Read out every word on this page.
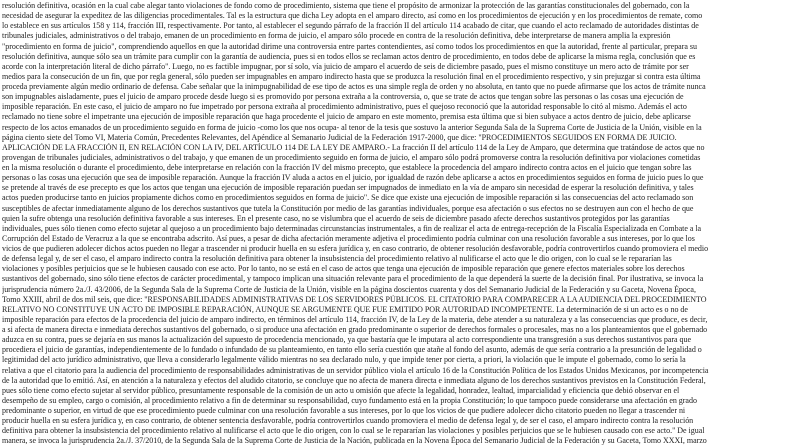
resolución definitiva, ocasión en la cual cabe alegar tanto violaciones de fondo como de procedimiento, sistema que tiene el propósito de armonizar la protección de las garantías constitucionales del gobernado, con la
necesidad de asegurar la expeditez de las diligencias procedimentales. Tal es la estructura que dicha Ley adopta en el amparo directo, así como en los procedimientos de ejecución y en los procedimientos de remate, como
lo establece en sus artículos 158 y 114, fracción III, respectivamente. Por tanto, al establecer el segundo párrafo de la fracción II del artículo 114 acabado de citar, que cuando el acto reclamado de autoridades distintas de
tribunales judiciales, administrativos o del trabajo, emanen de un procedimiento en forma de juicio, el amparo sólo procede en contra de la resolución definitiva, debe interpretarse de manera amplia la expresión
"procedimiento en forma de juicio", comprendiendo aquellos en que la autoridad dirime una controversia entre partes contendientes, así como todos los procedimientos en que la autoridad, frente al particular, prepara su
resolución definitiva, aunque sólo sea un trámite para cumplir con la garantía de audiencia, pues si en todos ellos se reclaman actos dentro de procedimiento, en todos debe de aplicarse la misma regla, conclusión que es
acorde con la interpretación literal de dicho párrafo". Luego, no es factible impugnar, por sí solo, vía juicio de amparo el acuerdo de seis de diciembre pasado, pues el mismo constituye un mero acto de trámite por ser
medios para la consecución de un fin, que por regla general, sólo pueden ser impugnables en amparo indirecto hasta que se produzca la resolución final en el procedimiento respectivo, y sin prejuzgar si contra esta última
proceda previamente algún medio ordinario de defensa. Cabe señalar que la inimpugnabilidad de ese tipo de actos es una simple regla de orden y no absoluta, en tanto que no puede afirmarse que los actos de trámite nunca
son impugnables aisladamente, pues el juicio de amparo procede desde luego si es promovido por persona extraña a la controversia, o, que se trate de actos que tengan sobre las personas o las cosas una ejecución de
imposible reparación. En este caso, el juicio de amparo no fue impetrado por persona extraña al procedimiento administrativo, pues el quejoso reconoció que la autoridad responsable lo citó al mismo. Además el acto
reclamado no tiene sobre el impetrante una ejecución de imposible reparación que haga procedente el juicio de amparo en este momento, premisa esta última que si bien subyace a actos dentro de juicio, debe aplicarse
respecto de los actos emanados de un procedimiento seguido en forma de juicio -como los que nos ocupa- al tenor de la tesis que sostuvo la anterior Segunda Sala de la Suprema Corte de Justicia de la Unión, visible en la
página ciento siete del Tomo VI, Materia Común, Precedentes Relevantes, del Apéndice al Semanario Judicial de la Federación 1917-2000, que dice: "PROCEDIMIENTOS SEGUIDOS EN FORMA DE JUICIO.
APLICACIÓN DE LA FRACCIÓN II, EN RELACIÓN CON LA IV, DEL ARTÍCULO 114 DE LA LEY DE AMPARO.- La fracción II del artículo 114 de la Ley de Amparo, que determina que tratándose de actos que no
provengan de tribunales judiciales, administrativos o del trabajo, y que emanen de un procedimiento seguido en forma de juicio, el amparo sólo podrá promoverse contra la resolución definitiva por violaciones cometidas
en la misma resolución o durante el procedimiento, debe interpretarse en relación con la fracción IV del mismo precepto, que establece la procedencia del amparo indirecto contra actos en el juicio que tengan sobre las
personas o las cosas una ejecución que sea de imposible reparación. Aunque la fracción IV aluda a actos en el juicio, por igualdad de razón debe aplicarse a actos en procedimientos seguidos en forma de juicio pues lo que
se pretende al través de ese precepto es que los actos que tengan una ejecución de imposible reparación puedan ser impugnados de inmediato en la vía de amparo sin necesidad de esperar la resolución definitiva, y tales
actos pueden producirse tanto en juicios propiamente dichos como en procedimientos seguidos en forma de juicio". Se dice que existe una ejecución de imposible reparación si las consecuencias del acto reclamado son
susceptibles de afectar inmediatamente alguno de los derechos sustantivos que tutela la Constitución por medio de las garantías individuales, porque esa afectación o sus efectos no se destruyen aun con el hecho de que
quien la sufre obtenga una resolución definitiva favorable a sus intereses. En el presente caso, no se vislumbra que el acuerdo de seis de diciembre pasado afecte derechos sustantivos protegidos por las garantías
individuales, pues sólo tienen como efecto sujetar al quejoso a un procedimiento bajo determinadas circunstancias instrumentales, a fin de realizar el acta de entrega-recepción de la Fiscalía Especializada en Combate a la
Corrupción del Estado de Veracruz a la que se encontraba adscrito. Así pues, a pesar de dicha afectación meramente adjetiva el procedimiento podría culminar con una resolución favorable a sus intereses, por lo que los
vicios de que pudieren adolecer dichos actos pueden no llegar a trascender ni producir huella en su esfera jurídica y, en caso contrario, de obtener resolución desfavorable, podría controvertirlos cuando promoviera el medio
de defensa legal y, de ser el caso, el amparo indirecto contra la resolución definitiva para obtener la insubsistencia del procedimiento relativo al nulificarse el acto que le dio origen, con lo cual se le repararían las
violaciones y posibles perjuicios que se le hubiesen causado con ese acto. Por lo tanto, no se está en el caso de actos que tenga una ejecución de imposible reparación que genere efectos materiales sobre los derechos
sustantivos del gobernado, sino sólo tiene efectos de carácter procedimental, y tampoco implican una situación relevante para el procedimiento de la que dependerá la suerte de la decisión final. Por ilustrativa, se invoca la
jurisprudencia número 2a./J. 43/2006, de la Segunda Sala de la Suprema Corte de Justicia de la Unión, visible en la página doscientos cuarenta y dos del Semanario Judicial de la Federación y su Gaceta, Novena Época,
Tomo XXIII, abril de dos mil seis, que dice: "RESPONSABILIDADES ADMINISTRATIVAS DE LOS SERVIDORES PÚBLICOS. EL CITATORIO PARA COMPARECER A LA AUDIENCIA DEL PROCEDIMIENTO
RELATIVO NO CONSTITUYE UN ACTO DE IMPOSIBLE REPARACIÓN, AUNQUE SE ARGUMENTE QUE FUE EMITIDO POR AUTORIDAD INCOMPETENTE. La determinación de si un acto es o no de
imposible reparación para efectos de la procedencia del juicio de amparo indirecto, en términos del artículo 114, fracción IV, de la Ley de la materia, debe atender a su naturaleza y a las consecuencias que produce, es decir,
a si afecta de manera directa e inmediata derechos sustantivos del gobernado, o si produce una afectación en grado predominante o superior de derechos formales o procesales, mas no a los planteamientos que el gobernado
aduzca en su contra, pues se dejaría en sus manos la actualización del supuesto de procedencia mencionado, ya que bastaría que le imputara al acto correspondiente una transgresión a sus derechos sustantivos para que
procediera el juicio de garantías, independientemente de lo fundado o infundado de su planteamiento, en tanto ello sería cuestión que atañe al fondo del asunto, además de que sería contrario a la presunción de legalidad o
legitimidad del acto jurídico administrativo, que lleva a considerarlo legalmente válido mientras no sea declarado nulo, y que impide tener por cierta, a priori, la violación que le impute el gobernado, como lo sería la
relativa a que el citatorio para la audiencia del procedimiento de responsabilidades administrativas de un servidor público viola el artículo 16 de la Constitución Política de los Estados Unidos Mexicanos, por incompetencia
de la autoridad que lo emitió. Así, en atención a la naturaleza y efectos del aludido citatorio, se concluye que no afecta de manera directa e inmediata alguno de los derechos sustantivos previstos en la Constitución Federal,
pues sólo tiene como efecto sujetar al servidor público, presuntamente responsable de la comisión de un acto u omisión que afecte la legalidad, honradez, lealtad, imparcialidad y eficiencia que debió observar en el
desempeño de su empleo, cargo o comisión, al procedimiento relativo a fin de determinar su responsabilidad, cuyo fundamento está en la propia Constitución; lo que tampoco puede considerarse una afectación en grado
predominante o superior, en virtud de que ese procedimiento puede culminar con una resolución favorable a sus intereses, por lo que los vicios de que pudiere adolecer dicho citatorio pueden no llegar a trascender ni
producir huella en su esfera jurídica y, en caso contrario, de obtener sentencia desfavorable, podría controvertirlos cuando promoviera el medio de defensa legal y, de ser el caso, el amparo indirecto contra la resolución
definitiva para obtener la insubsistencia del procedimiento relativo al nulificarse el acto que le dio origen, con lo cual se le repararían las violaciones y posibles perjuicios que se le hubiesen causado con ese acto." De igual
manera, se invoca la jurisprudencia 2a./J. 37/2010, de la Segunda Sala de la Suprema Corte de Justicia de la Nación, publicada en la Novena Época del Semanario Judicial de la Federación y su Gaceta, Tomo XXXI, marzo
